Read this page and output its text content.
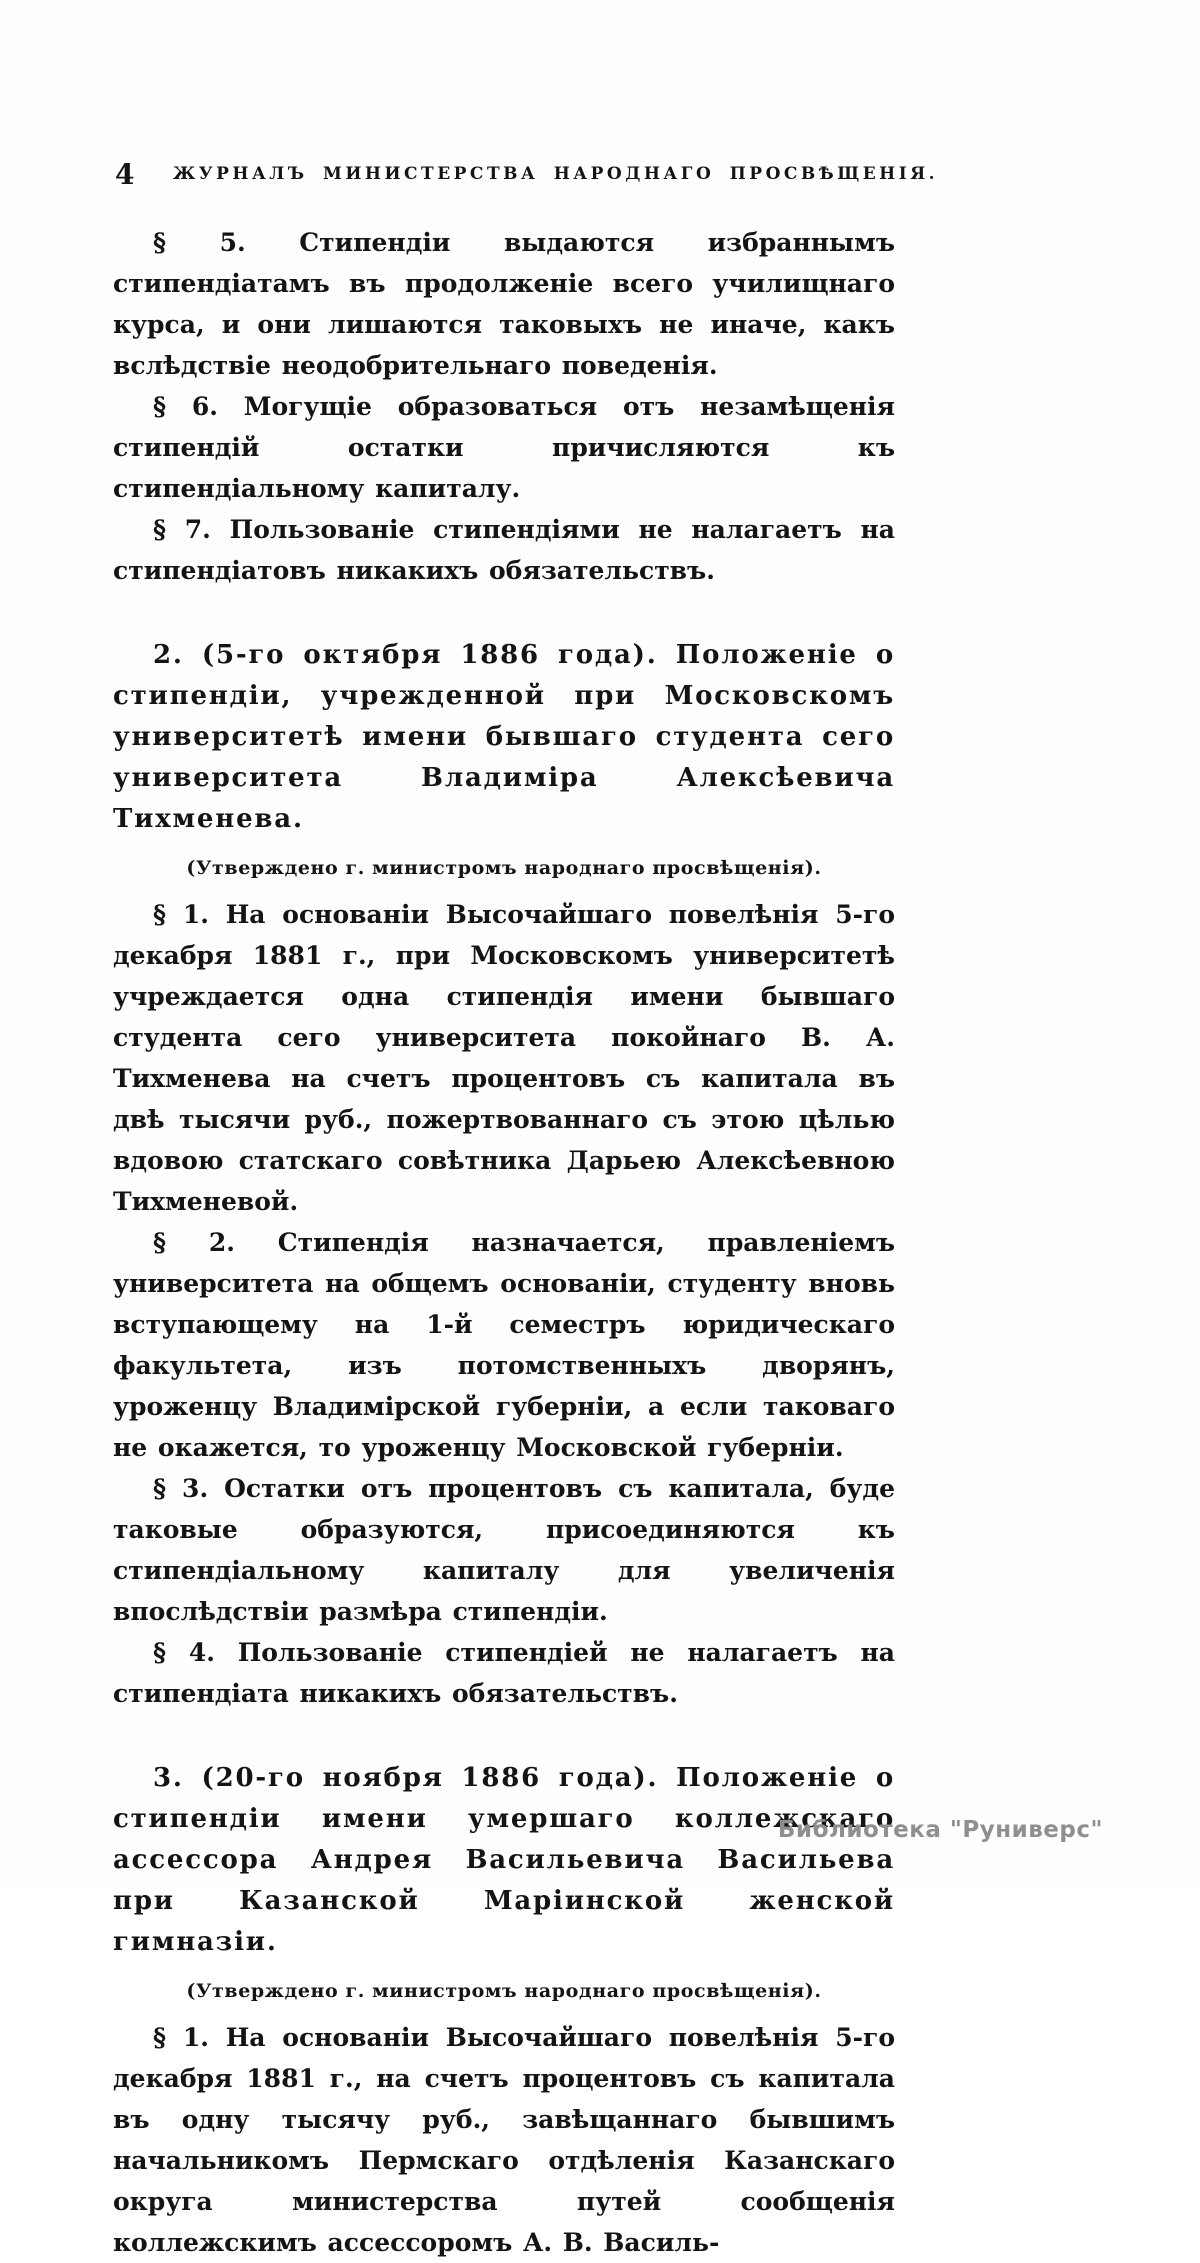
4 ЖУРНАЛЪ МИНИСТЕРСТВА НАРОДНАГО ПРОСВѢЩЕНІЯ.

§ 5. Стипендіи выдаются избраннымъ стипендіатамъ въ продолженіе всего училищнаго курса, и они лишаются таковыхъ не иначе, какъ вслѣдствіе неодобрительнаго поведенія.

§ 6. Могущіе образоваться отъ незамѣщенія стипендій остатки причисляются къ стипендіальному капиталу.

§ 7. Пользованіе стипендіями не налагаетъ на стипендіатовъ никакихъ обязательствъ.

2. (5-го октября 1886 года). Положеніе о стипендіи, учрежденной при Московскомъ университетѣ имени бывшаго студента сего университета Владиміра Алексѣевича Тихменева.

(Утверждено г. министромъ народнаго просвѣщенія).

§ 1. На основаніи Высочайшаго повелѣнія 5-го декабря 1881 г., при Московскомъ университетѣ учреждается одна стипендія имени бывшаго студента сего университета покойнаго В. А. Тихменева на счетъ процентовъ съ капитала въ двѣ тысячи руб., пожертвованнаго съ этою цѣлью вдовою статскаго совѣтника Дарьею Алексѣевною Тихменевой.

§ 2. Стипендія назначается, правленіемъ университета на общемъ основаніи, студенту вновь вступающему на 1-й семестръ юридическаго факультета, изъ потомственныхъ дворянъ, уроженцу Владимірской губерніи, а если таковаго не окажется, то уроженцу Московской губерніи.

§ 3. Остатки отъ процентовъ съ капитала, буде таковые образуются, присоединяются къ стипендіальному капиталу для увеличенія впослѣдствіи размѣра стипендіи.

§ 4. Пользованіе стипендіей не налагаетъ на стипендіата никакихъ обязательствъ.

3. (20-го ноября 1886 года). Положеніе о стипендіи имени умершаго коллежскаго ассессора Андрея Васильевича Васильева при Казанской Маріинской женской гимназіи.

(Утверждено г. министромъ народнаго просвѣщенія).

§ 1. На основаніи Высочайшаго повелѣнія 5-го декабря 1881 г., на счетъ процентовъ съ капитала въ одну тысячу руб., завѣщаннаго бывшимъ начальникомъ Пермскаго отдѣленія Казанскаго округа министерства путей сообщенія коллежскимъ ассессоромъ А. В. Василь-

Библиотека "Руниверс"
